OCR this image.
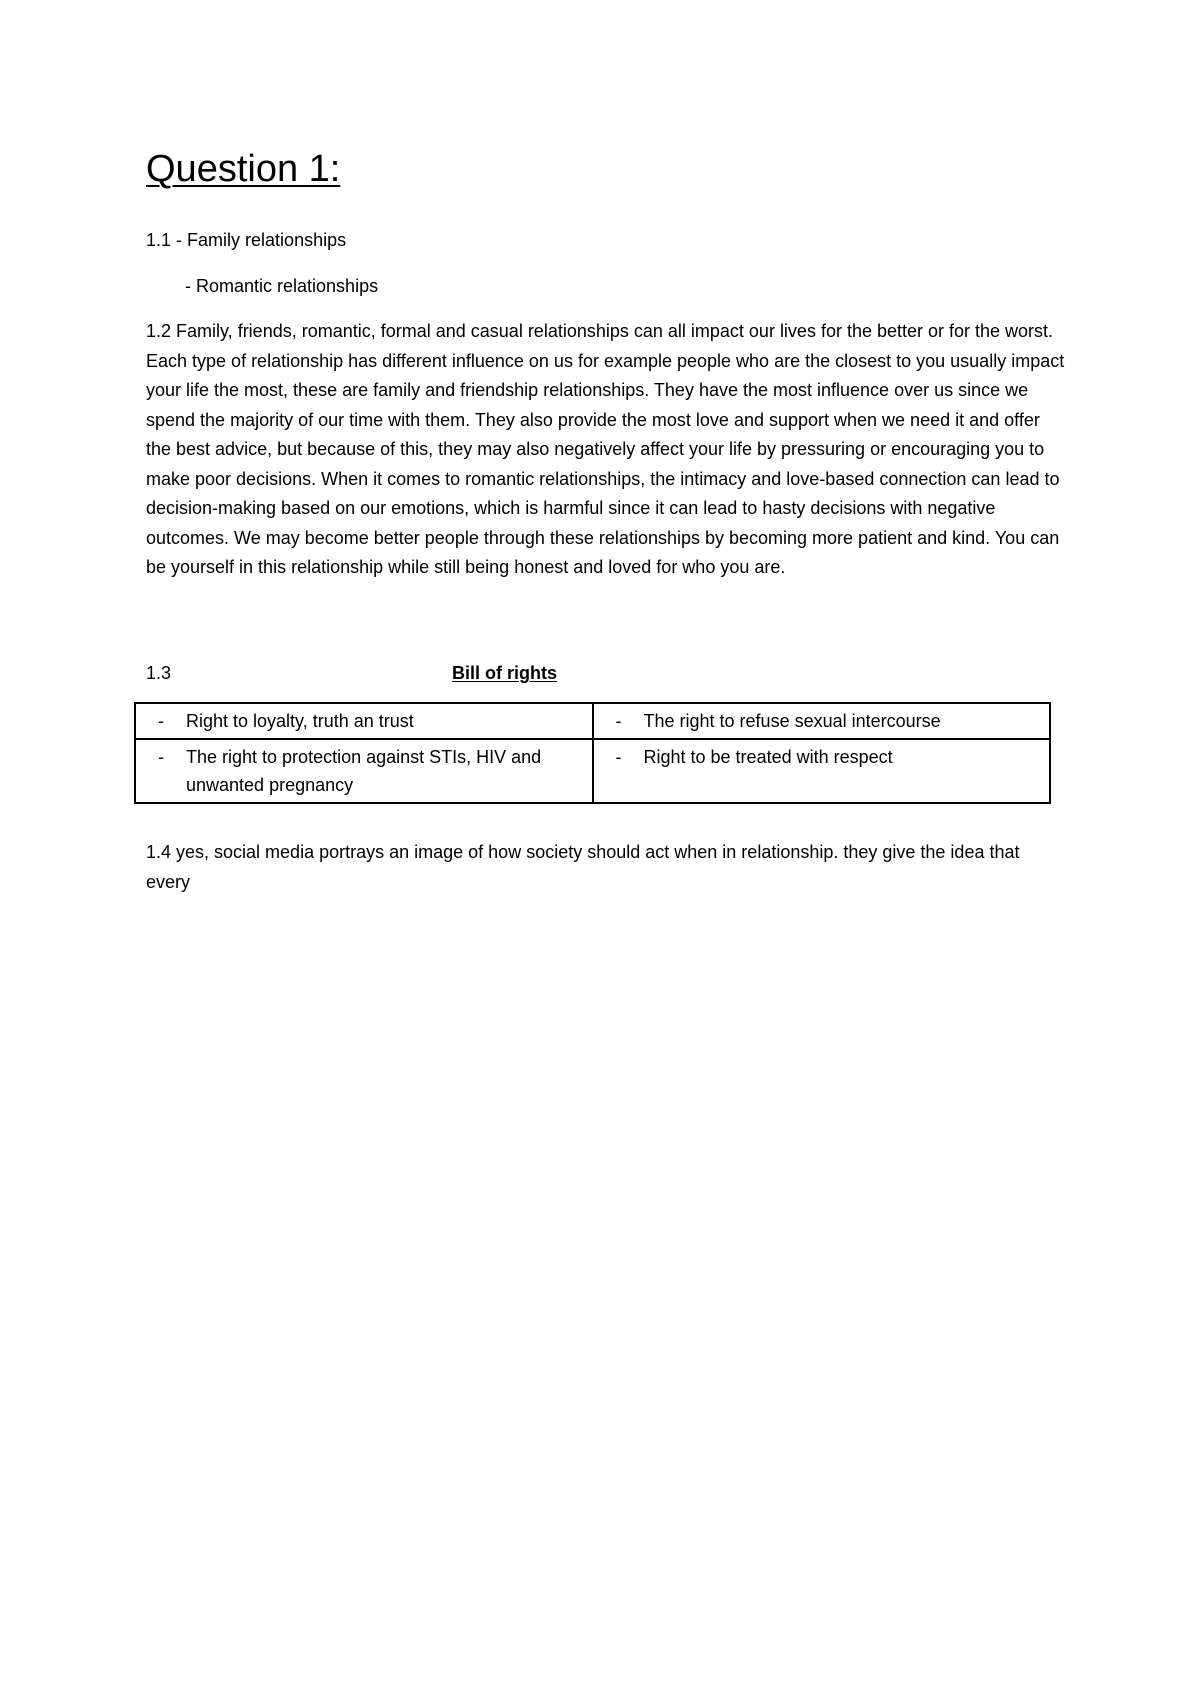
Question 1:

1.1 - Family relationships

- Romantic relationships

1.2 Family, friends, romantic, formal and casual relationships can all impact our lives for the better or for the worst. Each type of relationship has different influence on us for example people who are the closest to you usually impact your life the most, these are family and friendship relationships. They have the most influence over us since we spend the majority of our time with them. They also provide the most love and support when we need it and offer the best advice, but because of this, they may also negatively affect your life by pressuring or encouraging you to make poor decisions. When it comes to romantic relationships, the intimacy and love-based connection can lead to decision-making based on our emotions, which is harmful since it can lead to hasty decisions with negative outcomes. We may become better people through these relationships by becoming more patient and kind. You can be yourself in this relationship while still being honest and loved for who you are.

1.3	Bill of rights

- Right to loyalty, truth an trust	- The right to refuse sexual intercourse

- The right to protection against STIs, HIV and unwanted pregnancy	- Right to be treated with respect

1.4 yes, social media portrays an image of how society should act when in relationship. they give the idea that every
